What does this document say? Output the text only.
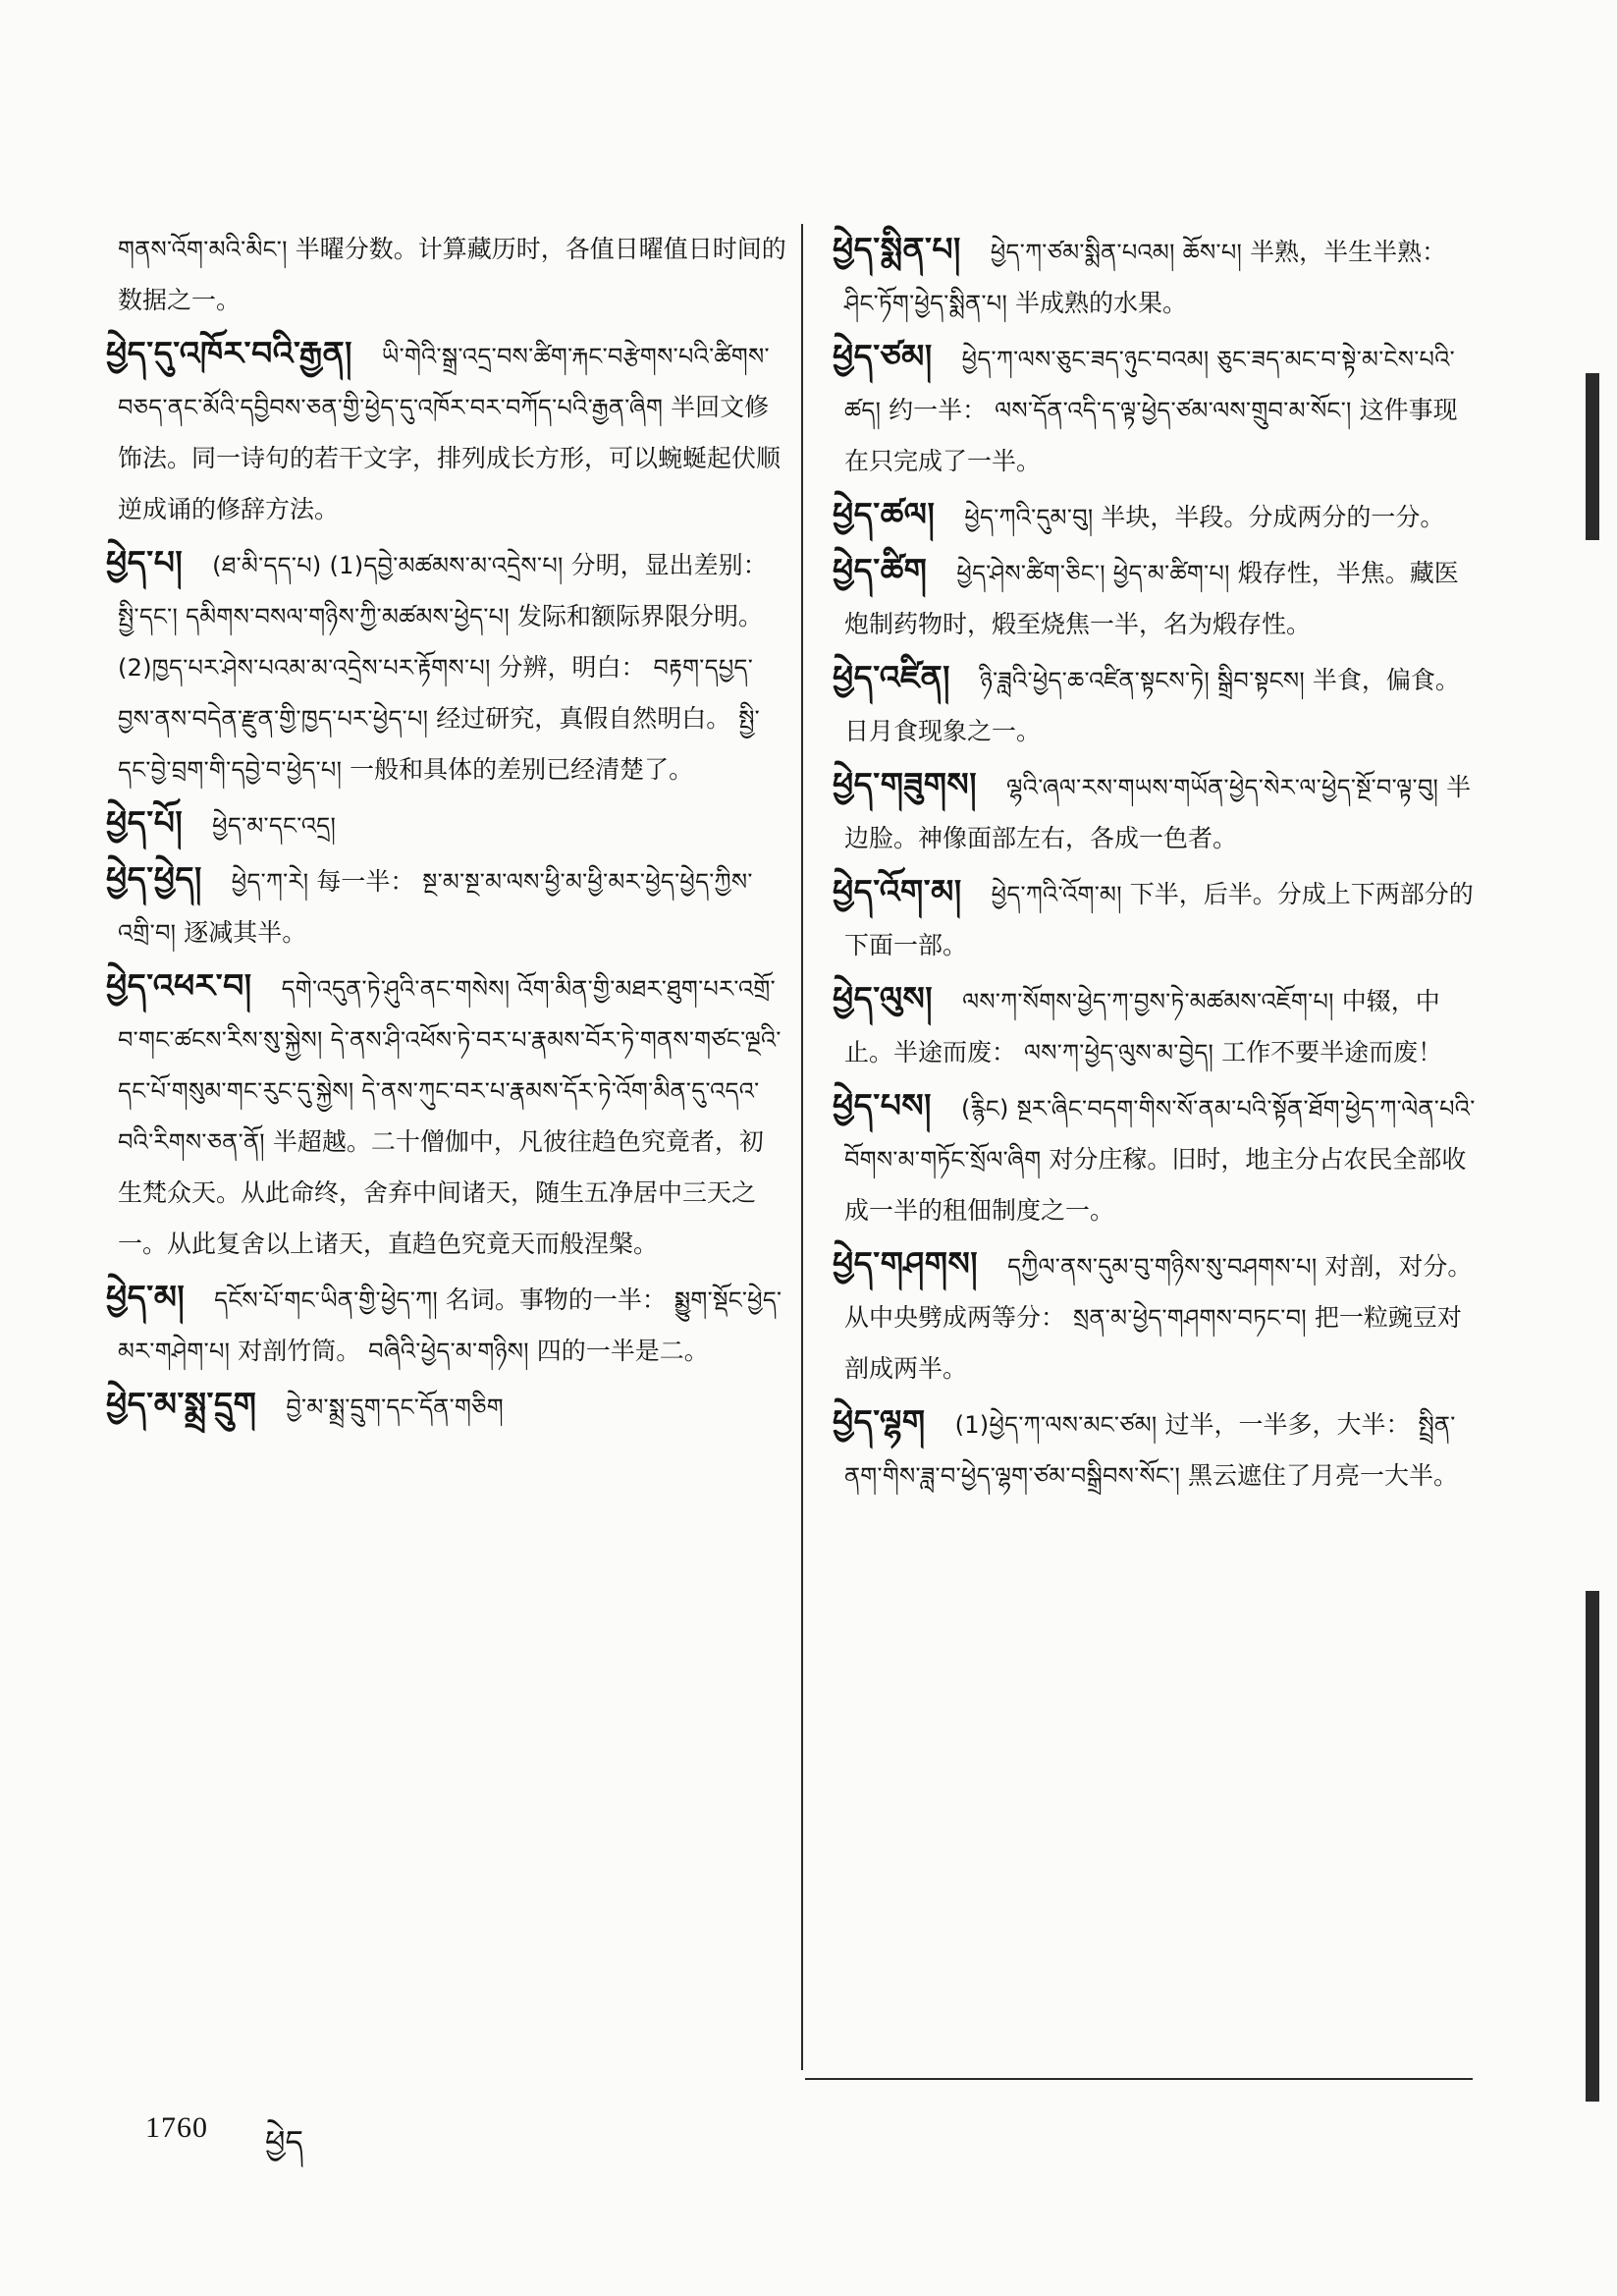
གནས་འོག་མའི་མིང་། 半曜分数。计算藏历时，各值日曜值日时间的数据之一。
ཕྱེད་དུ་འཁོར་བའི་རྒྱན། ཡི་གེའི་སྒྲ་འདྲ་བས་ཚིག་རྐང་བརྩེགས་པའི་ཚིགས་བཅད་ནང་མོའི་དབྱིབས་ཅན་གྱི་ཕྱེད་དུ་འཁོར་བར་བཀོད་པའི་རྒྱན་ཞིག 半回文修饰法。同一诗句的若干文字，排列成长方形，可以蜿蜒起伏顺逆成诵的修辞方法。
ཕྱེད་པ། (ཐ་མི་དད་པ) (1)དབྱེ་མཚམས་མ་འདྲེས་པ། 分明，显出差别： སྤྱི་དང་། དམིགས་བསལ་གཉིས་ཀྱི་མཚམས་ཕྱེད་པ། 发际和额际界限分明。 (2)ཁྱད་པར་ཤེས་པའམ་མ་འདྲེས་པར་རྟོགས་པ། 分辨，明白： བརྟག་དཔྱད་བྱས་ནས་བདེན་རྫུན་གྱི་ཁྱད་པར་ཕྱེད་པ། 经过研究，真假自然明白。 སྤྱི་དང་བྱེ་བྲག་གི་དབྱེ་བ་ཕྱེད་པ། 一般和具体的差别已经清楚了。
ཕྱེད་པོ། ཕྱེད་མ་དང་འདྲ།
ཕྱེད་ཕྱེད། ཕྱེད་ཀ་རེ། 每一半： སྔ་མ་སྔ་མ་ལས་ཕྱི་མ་ཕྱི་མར་ཕྱེད་ཕྱེད་ཀྱིས་འགྲི་བ། 逐减其半。
ཕྱེད་འཕར་བ། དགེ་འདུན་ཏེ་ཤུའི་ནང་གསེས། འོག་མིན་གྱི་མཐར་ཐུག་པར་འགྲོ་བ་གང་ཚངས་རིས་སུ་སྐྱེས། དེ་ནས་ཤི་འཕོས་ཏེ་བར་པ་རྣམས་བོར་ཏེ་གནས་གཙང་ལྔའི་དང་པོ་གསུམ་གང་རུང་དུ་སྐྱེས། དེ་ནས་ཀུང་བར་པ་རྣམས་དོར་ཏེ་འོག་མིན་དུ་འདའ་བའི་རིགས་ཅན་ནོ། 半超越。二十僧伽中，凡彼往趋色究竟者，初生梵众天。从此命终，舍弃中间诸天，随生五净居中三天之一。从此复舍以上诸天，直趋色究竟天而般涅槃。
ཕྱེད་མ། དངོས་པོ་གང་ཡིན་གྱི་ཕྱེད་ཀ། 名词。事物的一半： སྨྱུག་སྡོང་ཕྱེད་མར་གཤེག་པ། 对剖竹筒。 བཞིའི་ཕྱེད་མ་གཉིས། 四的一半是二。
ཕྱེད་མ་སྨྲ་དྲུག བྱེ་མ་སྨྲ་དྲུག་དང་དོན་གཅིག
ཕྱེད་སྨིན་པ། ཕྱེད་ཀ་ཙམ་སྨིན་པའམ། ཆོས་པ། 半熟，半生半熟： ཤིང་ཏོག་ཕྱེད་སྨིན་པ། 半成熟的水果。
ཕྱེད་ཙམ། ཕྱེད་ཀ་ལས་ཅུང་ཟད་ཉུང་བའམ། ཅུང་ཟད་མང་བ་སྟེ་མ་ངེས་པའི་ཚད། 约一半： ལས་དོན་འདི་ད་ལྟ་ཕྱེད་ཙམ་ལས་གྲུབ་མ་སོང་། 这件事现在只完成了一半。
ཕྱེད་ཚལ། ཕྱེད་ཀའི་དུམ་བུ། 半块，半段。分成两分的一分。
ཕྱེད་ཚིག ཕྱེད་ཤེས་ཚིག་ཅིང་། ཕྱེད་མ་ཚིག་པ། 煅存性，半焦。藏医炮制药物时，煅至烧焦一半，名为煅存性。
ཕྱེད་འཛིན། ཉི་ཟླའི་ཕྱེད་ཆ་འཛིན་སྟངས་ཏེ། སྒྲིབ་སྟངས། 半食，偏食。日月食现象之一。
ཕྱེད་གཟུགས། ལྷའི་ཞལ་རས་གཡས་གཡོན་ཕྱེད་སེར་ལ་ཕྱེད་སྔོ་བ་ལྟ་བུ། 半边脸。神像面部左右，各成一色者。
ཕྱེད་འོག་མ། ཕྱེད་ཀའི་འོག་མ། 下半，后半。分成上下两部分的下面一部。
ཕྱེད་ལུས། ལས་ཀ་སོགས་ཕྱེད་ཀ་བྱས་ཏེ་མཚམས་འཇོག་པ། 中辍，中止。半途而废： ལས་ཀ་ཕྱེད་ལུས་མ་བྱེད། 工作不要半途而废！
ཕྱེད་པས། (རྙིང) སྔར་ཞིང་བདག་གིས་སོ་ནམ་པའི་སྟོན་ཐོག་ཕྱེད་ཀ་ལེན་པའི་བོགས་མ་གཏོང་སྲོལ་ཞིག 对分庄稼。旧时，地主分占农民全部收成一半的租佃制度之一。
ཕྱེད་གཤགས། དཀྱིལ་ནས་དུམ་བུ་གཉིས་སུ་བཤགས་པ། 对剖，对分。从中央劈成两等分： སྲན་མ་ཕྱེད་གཤགས་བཏང་བ། 把一粒豌豆对剖成两半。
ཕྱེད་ལྷག (1)ཕྱེད་ཀ་ལས་མང་ཙམ། 过半，一半多，大半： སྤྲིན་ནག་གིས་ཟླ་བ་ཕྱེད་ལྷག་ཙམ་བསྒྲིབས་སོང་། 黑云遮住了月亮一大半。
1760 ཕྱེད
